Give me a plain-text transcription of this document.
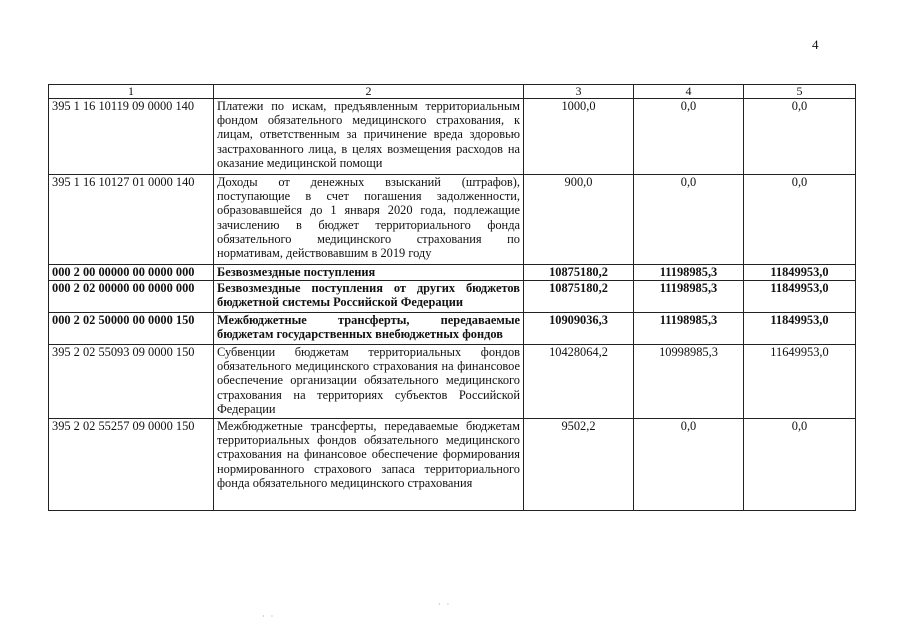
4
1	2	3	4	5
395 1 16 10119 09 0000 140	Платежи по искам, предъявленным территориальным фондом обязательного медицинского страхования, к лицам, ответственным за причинение вреда здоровью застрахованного лица, в целях возмещения расходов на оказание медицинской помощи	1000,0	0,0	0,0
395 1 16 10127 01 0000 140	Доходы от денежных взысканий (штрафов), поступающие в счет погашения задолженности, образовавшейся до 1 января 2020 года, подлежащие зачислению в бюджет территориального фонда обязательного медицинского страхования по нормативам, действовавшим в 2019 году	900,0	0,0	0,0
000 2 00 00000 00 0000 000	Безвозмездные поступления	10875180,2	11198985,3	11849953,0
000 2 02 00000 00 0000 000	Безвозмездные поступления от других бюджетов бюджетной системы Российской Федерации	10875180,2	11198985,3	11849953,0
000 2 02 50000 00 0000 150	Межбюджетные трансферты, передаваемые бюджетам государственных внебюджетных фондов	10909036,3	11198985,3	11849953,0
395 2 02 55093 09 0000 150	Субвенции бюджетам территориальных фондов обязательного медицинского страхования на финансовое обеспечение организации обязательного медицинского страхования на территориях субъектов Российской Федерации	10428064,2	10998985,3	11649953,0
395 2 02 55257 09 0000 150	Межбюджетные трансферты, передаваемые бюджетам территориальных фондов обязательного медицинского страхования на финансовое обеспечение формирования нормированного страхового запаса территориального фонда обязательного медицинского страхования	9502,2	0,0	0,0
· ·
· ·
